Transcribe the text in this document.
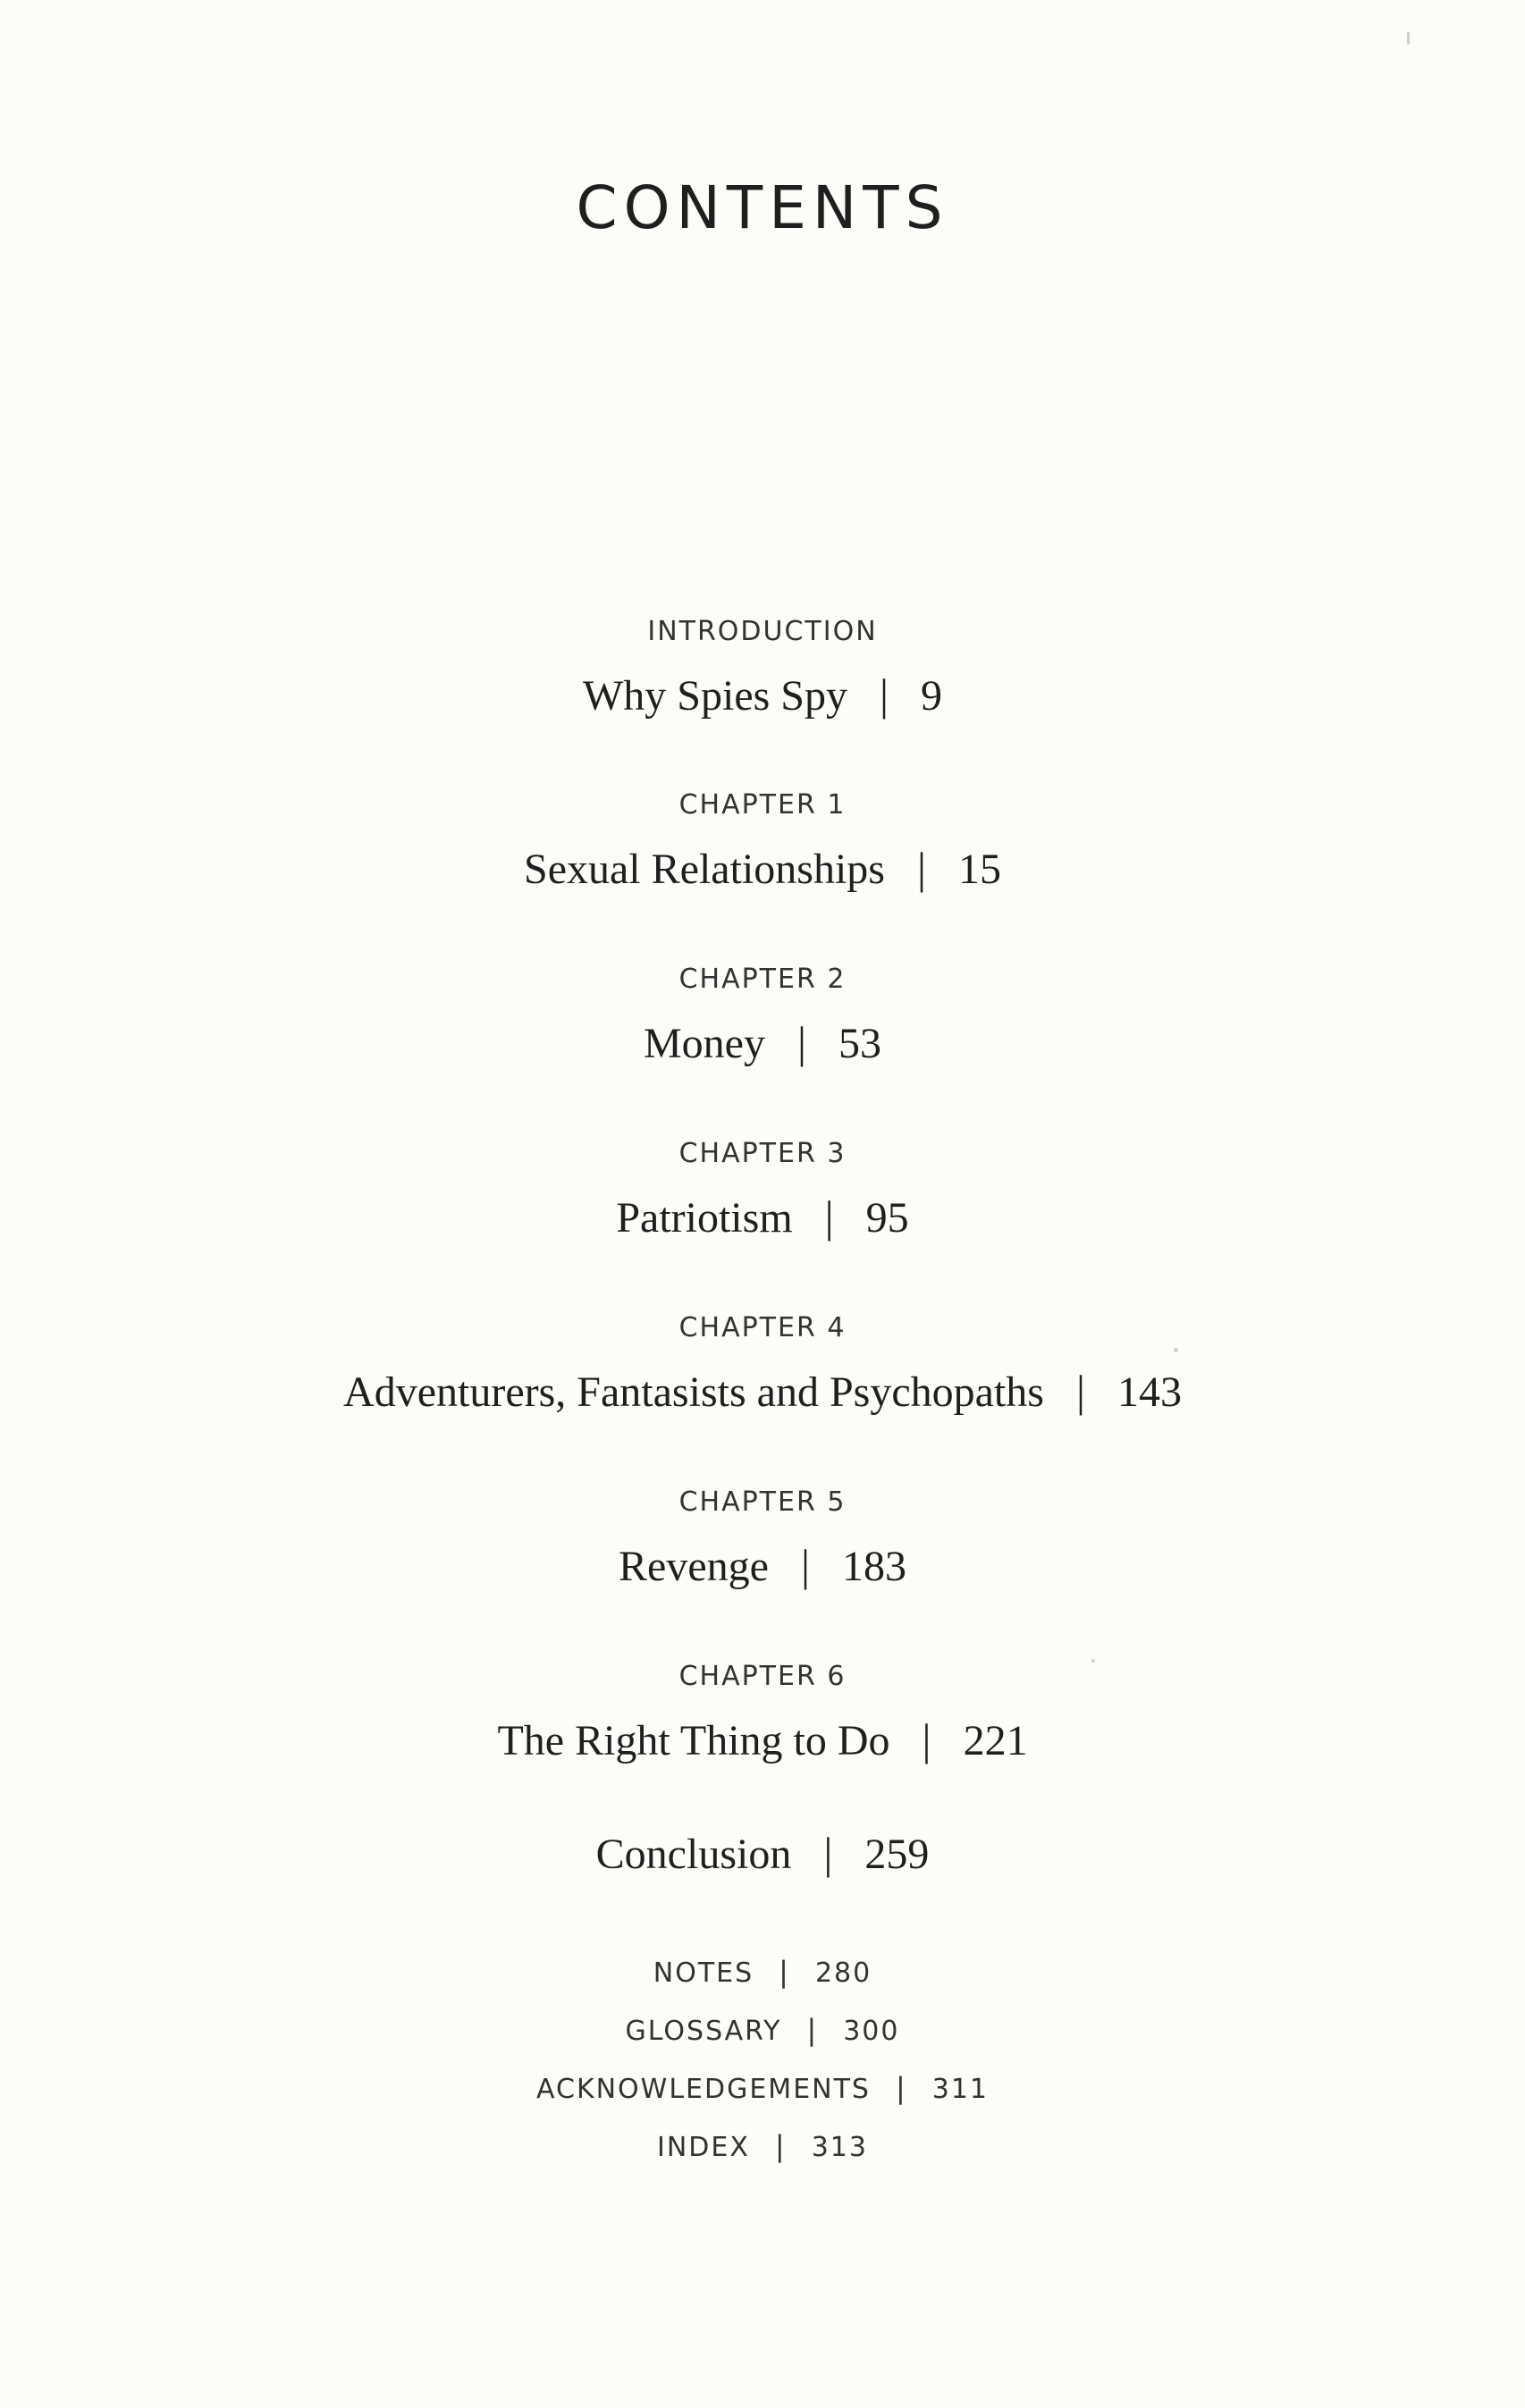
CONTENTS
INTRODUCTION
Why Spies Spy | 9
CHAPTER 1
Sexual Relationships | 15
CHAPTER 2
Money | 53
CHAPTER 3
Patriotism | 95
CHAPTER 4
Adventurers, Fantasists and Psychopaths | 143
CHAPTER 5
Revenge | 183
CHAPTER 6
The Right Thing to Do | 221
Conclusion | 259
NOTES | 280
GLOSSARY | 300
ACKNOWLEDGEMENTS | 311
INDEX | 313
